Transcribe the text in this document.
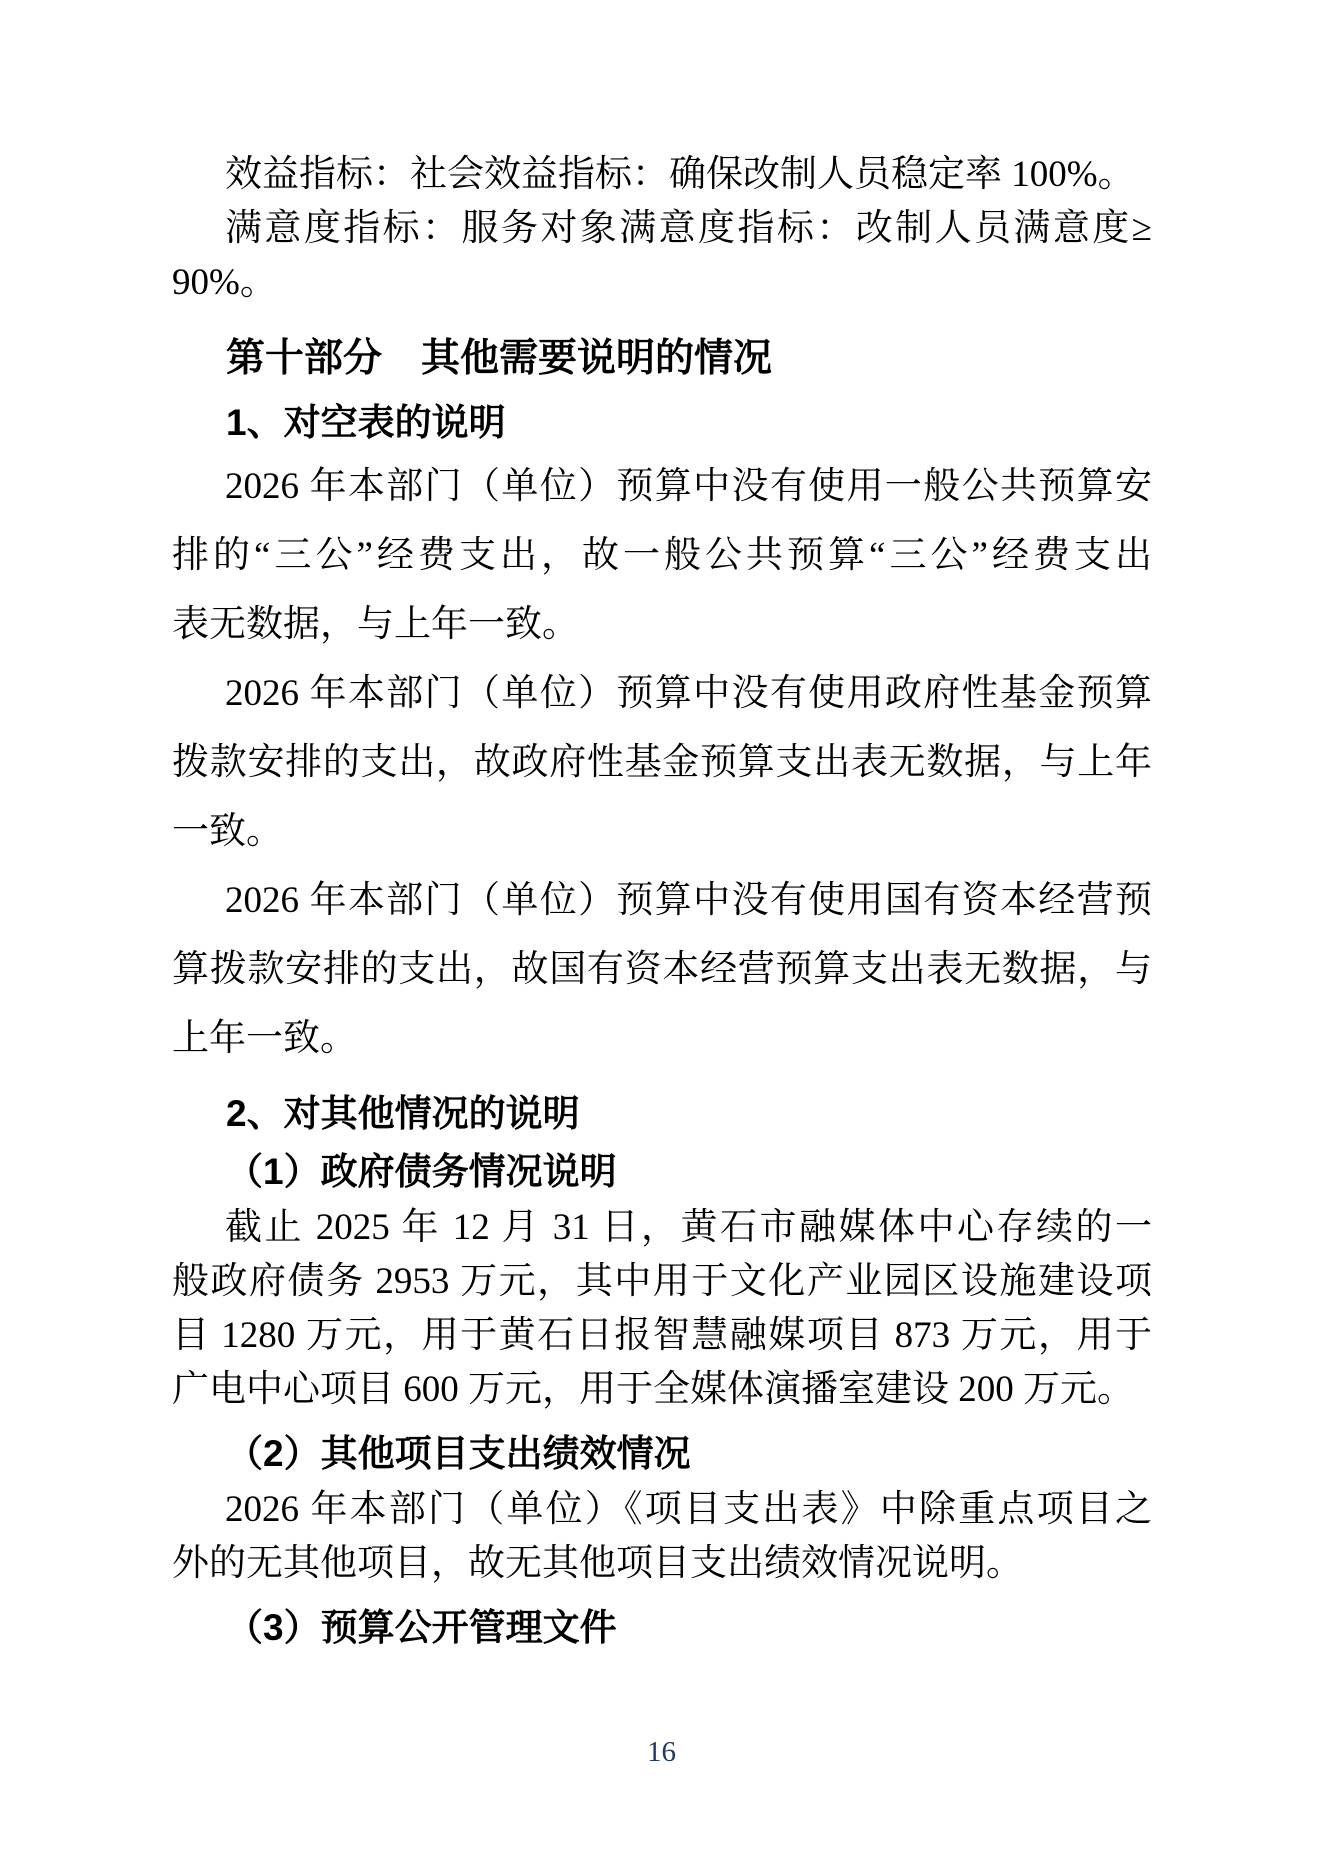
效益指标：社会效益指标：确保改制人员稳定率 100%。
满意度指标：服务对象满意度指标：改制人员满意度≥
90%。
第十部分　其他需要说明的情况
1、对空表的说明
2026 年本部门（单位）预算中没有使用一般公共预算安
排的“三公”经费支出，故一般公共预算“三公”经费支出
表无数据，与上年一致。
2026 年本部门（单位）预算中没有使用政府性基金预算
拨款安排的支出，故政府性基金预算支出表无数据，与上年
一致。
2026 年本部门（单位）预算中没有使用国有资本经营预
算拨款安排的支出，故国有资本经营预算支出表无数据，与
上年一致。
2、对其他情况的说明
（1）政府债务情况说明
截止 2025 年 12 月 31 日，黄石市融媒体中心存续的一
般政府债务 2953 万元，其中用于文化产业园区设施建设项
目 1280 万元，用于黄石日报智慧融媒项目 873 万元，用于
广电中心项目 600 万元，用于全媒体演播室建设 200 万元。
（2）其他项目支出绩效情况
2026 年本部门（单位）《项目支出表》中除重点项目之
外的无其他项目，故无其他项目支出绩效情况说明。
（3）预算公开管理文件
16
